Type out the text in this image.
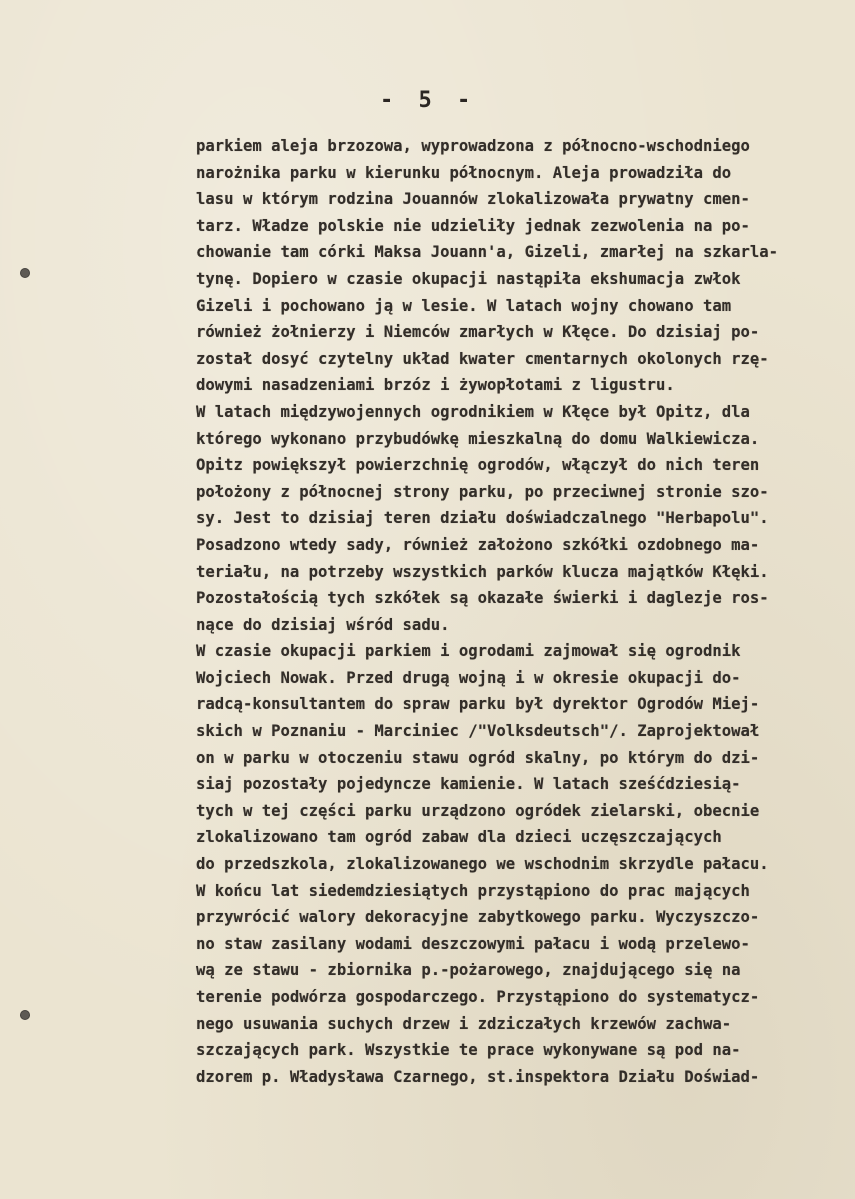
- 5 -
parkiem aleja brzozowa, wyprowadzona z północno-wschodniego
narożnika parku w kierunku północnym. Aleja prowadziła do
lasu w którym rodzina Jouannów zlokalizowała prywatny cmen-
tarz. Władze polskie nie udzieliły jednak zezwolenia na po-
chowanie tam córki Maksa Jouann'a, Gizeli, zmarłej na szkarla-
tynę. Dopiero w czasie okupacji nastąpiła ekshumacja zwłok
Gizeli i pochowano ją w lesie. W latach wojny chowano tam
również żołnierzy i Niemców zmarłych w Kłęce. Do dzisiaj po-
został dosyć czytelny układ kwater cmentarnych okolonych rzę-
dowymi nasadzeniami brzóz i żywopłotami z ligustru.
W latach międzywojennych ogrodnikiem w Kłęce był Opitz, dla
którego wykonano przybudówkę mieszkalną do domu Walkiewicza.
Opitz powiększył powierzchnię ogrodów, włączył do nich teren
położony z północnej strony parku, po przeciwnej stronie szo-
sy. Jest to dzisiaj teren działu doświadczalnego "Herbapolu".
Posadzono wtedy sady, również założono szkółki ozdobnego ma-
teriału, na potrzeby wszystkich parków klucza majątków Kłęki.
Pozostałością tych szkółek są okazałe świerki i daglezje ros-
nące do dzisiaj wśród sadu.
W czasie okupacji parkiem i ogrodami zajmował się ogrodnik
Wojciech Nowak. Przed drugą wojną i w okresie okupacji do-
radcą-konsultantem do spraw parku był dyrektor Ogrodów Miej-
skich w Poznaniu - Marciniec /"Volksdeutsch"/. Zaprojektował
on w parku w otoczeniu stawu ogród skalny, po którym do dzi-
siaj pozostały pojedyncze kamienie. W latach sześćdziesią-
tych w tej części parku urządzono ogródek zielarski, obecnie
zlokalizowano tam ogród zabaw dla dzieci uczęszczających
do przedszkola, zlokalizowanego we wschodnim skrzydle pałacu.
W końcu lat siedemdziesiątych przystąpiono do prac mających
przywrócić walory dekoracyjne zabytkowego parku. Wyczyszczo-
no staw zasilany wodami deszczowymi pałacu i wodą przelewo-
wą ze stawu - zbiornika p.-pożarowego, znajdującego się na
terenie podwórza gospodarczego. Przystąpiono do systematycz-
nego usuwania suchych drzew i zdziczałych krzewów zachwa-
szczających park. Wszystkie te prace wykonywane są pod na-
dzorem p. Władysława Czarnego, st.inspektora Działu Doświad-
